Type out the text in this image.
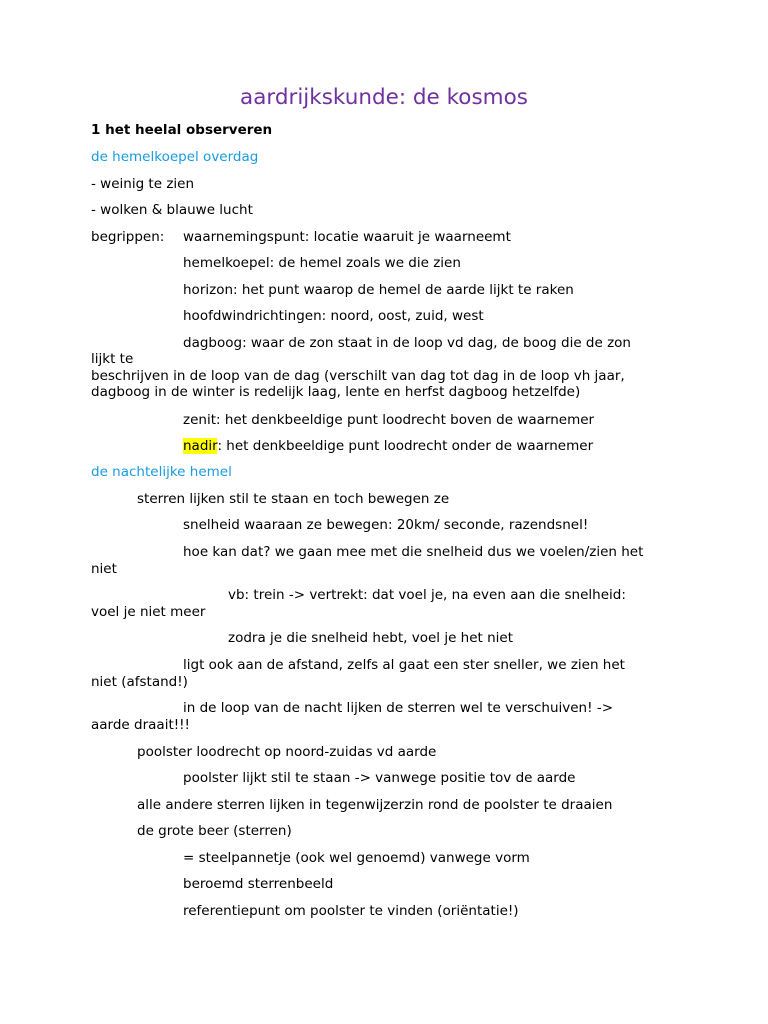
aardrijkskunde: de kosmos
1 het heelal observeren
de hemelkoepel overdag
- weinig te zien
- wolken & blauwe lucht
begrippen: waarnemingspunt: locatie waaruit je waarneemt
hemelkoepel: de hemel zoals we die zien
horizon: het punt waarop de hemel de aarde lijkt te raken
hoofdwindrichtingen: noord, oost, zuid, west
dagboog: waar de zon staat in de loop vd dag, de boog die de zon
lijkt te
beschrijven in de loop van de dag (verschilt van dag tot dag in de loop vh jaar,
dagboog in de winter is redelijk laag, lente en herfst dagboog hetzelfde)
zenit: het denkbeeldige punt loodrecht boven de waarnemer
nadir: het denkbeeldige punt loodrecht onder de waarnemer
de nachtelijke hemel
sterren lijken stil te staan en toch bewegen ze
snelheid waaraan ze bewegen: 20km/ seconde, razendsnel!
hoe kan dat? we gaan mee met die snelheid dus we voelen/zien het
niet
vb: trein -> vertrekt: dat voel je, na even aan die snelheid:
voel je niet meer
zodra je die snelheid hebt, voel je het niet
ligt ook aan de afstand, zelfs al gaat een ster sneller, we zien het
niet (afstand!)
in de loop van de nacht lijken de sterren wel te verschuiven! ->
aarde draait!!!
poolster loodrecht op noord-zuidas vd aarde
poolster lijkt stil te staan -> vanwege positie tov de aarde
alle andere sterren lijken in tegenwijzerzin rond de poolster te draaien
de grote beer (sterren)
= steelpannetje (ook wel genoemd) vanwege vorm
beroemd sterrenbeeld
referentiepunt om poolster te vinden (oriëntatie!)
